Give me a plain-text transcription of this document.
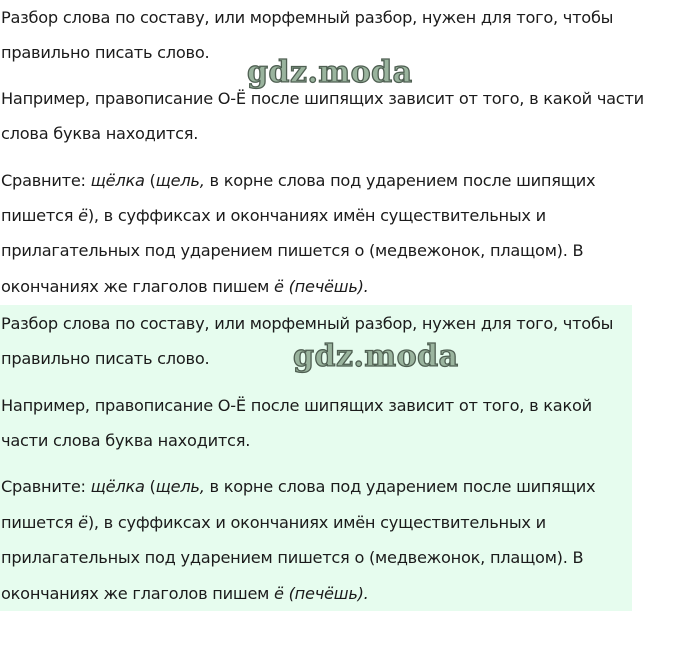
Разбор слова по составу, или морфемный разбор, нужен для того, чтобы
правильно писать слово.
gdz.moda
Например, правописание О-Ё после шипящих зависит от того, в какой части
слова буква находится.
Сравните: щёлка (щель, в корне слова под ударением после шипящих
пишется ё), в суффиксах и окончаниях имён существительных и
прилагательных под ударением пишется о (медвежонок, плащом). В
окончаниях же глаголов пишем ё (печёшь).
Разбор слова по составу, или морфемный разбор, нужен для того, чтобы
правильно писать слово.
Например, правописание О-Ё после шипящих зависит от того, в какой
части слова буква находится.
Сравните: щёлка (щель, в корне слова под ударением после шипящих
пишется ё), в суффиксах и окончаниях имён существительных и
прилагательных под ударением пишется о (медвежонок, плащом). В
окончаниях же глаголов пишем ё (печёшь).
gdz.moda
